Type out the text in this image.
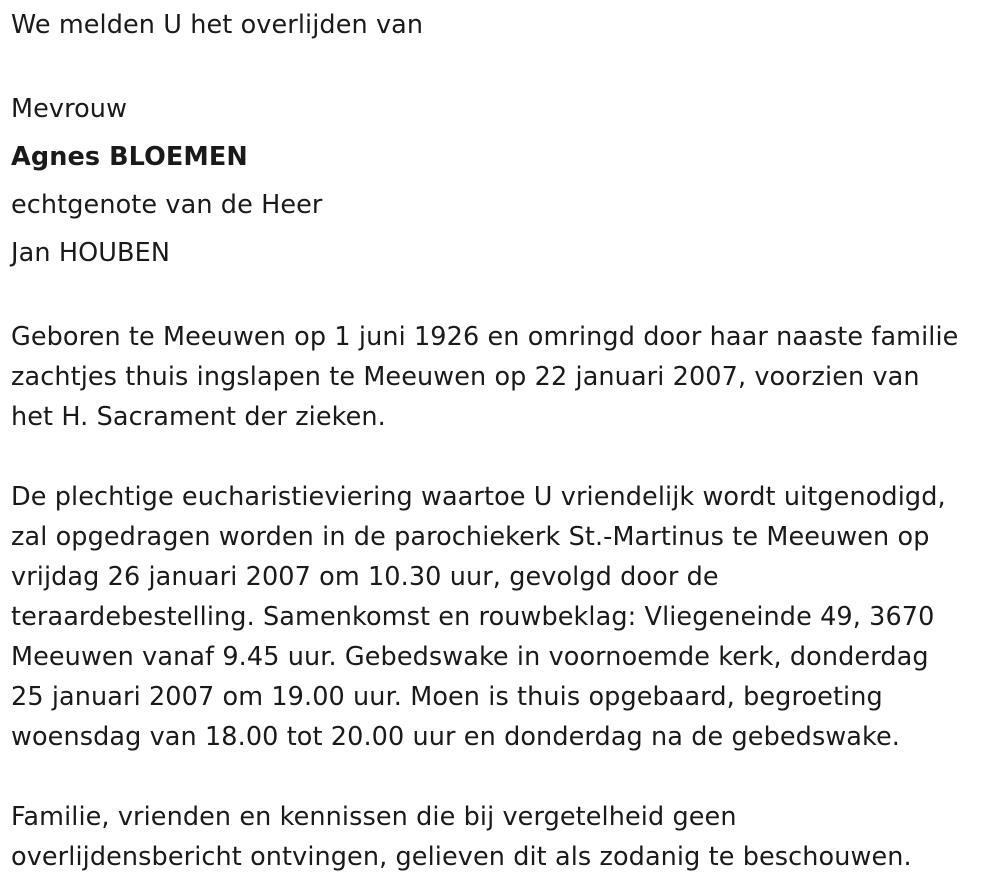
We melden U het overlijden van
Mevrouw
Agnes BLOEMEN
echtgenote van de Heer
Jan HOUBEN
Geboren te Meeuwen op 1 juni 1926 en omringd door haar naaste familie
zachtjes thuis ingslapen te Meeuwen op 22 januari 2007, voorzien van
het H. Sacrament der zieken.
De plechtige eucharistieviering waartoe U vriendelijk wordt uitgenodigd,
zal opgedragen worden in de parochiekerk St.-Martinus te Meeuwen op
vrijdag 26 januari 2007 om 10.30 uur, gevolgd door de
teraardebestelling. Samenkomst en rouwbeklag: Vliegeneinde 49, 3670
Meeuwen vanaf 9.45 uur. Gebedswake in voornoemde kerk, donderdag
25 januari 2007 om 19.00 uur. Moen is thuis opgebaard, begroeting
woensdag van 18.00 tot 20.00 uur en donderdag na de gebedswake.
Familie, vrienden en kennissen die bij vergetelheid geen
overlijdensbericht ontvingen, gelieven dit als zodanig te beschouwen.
